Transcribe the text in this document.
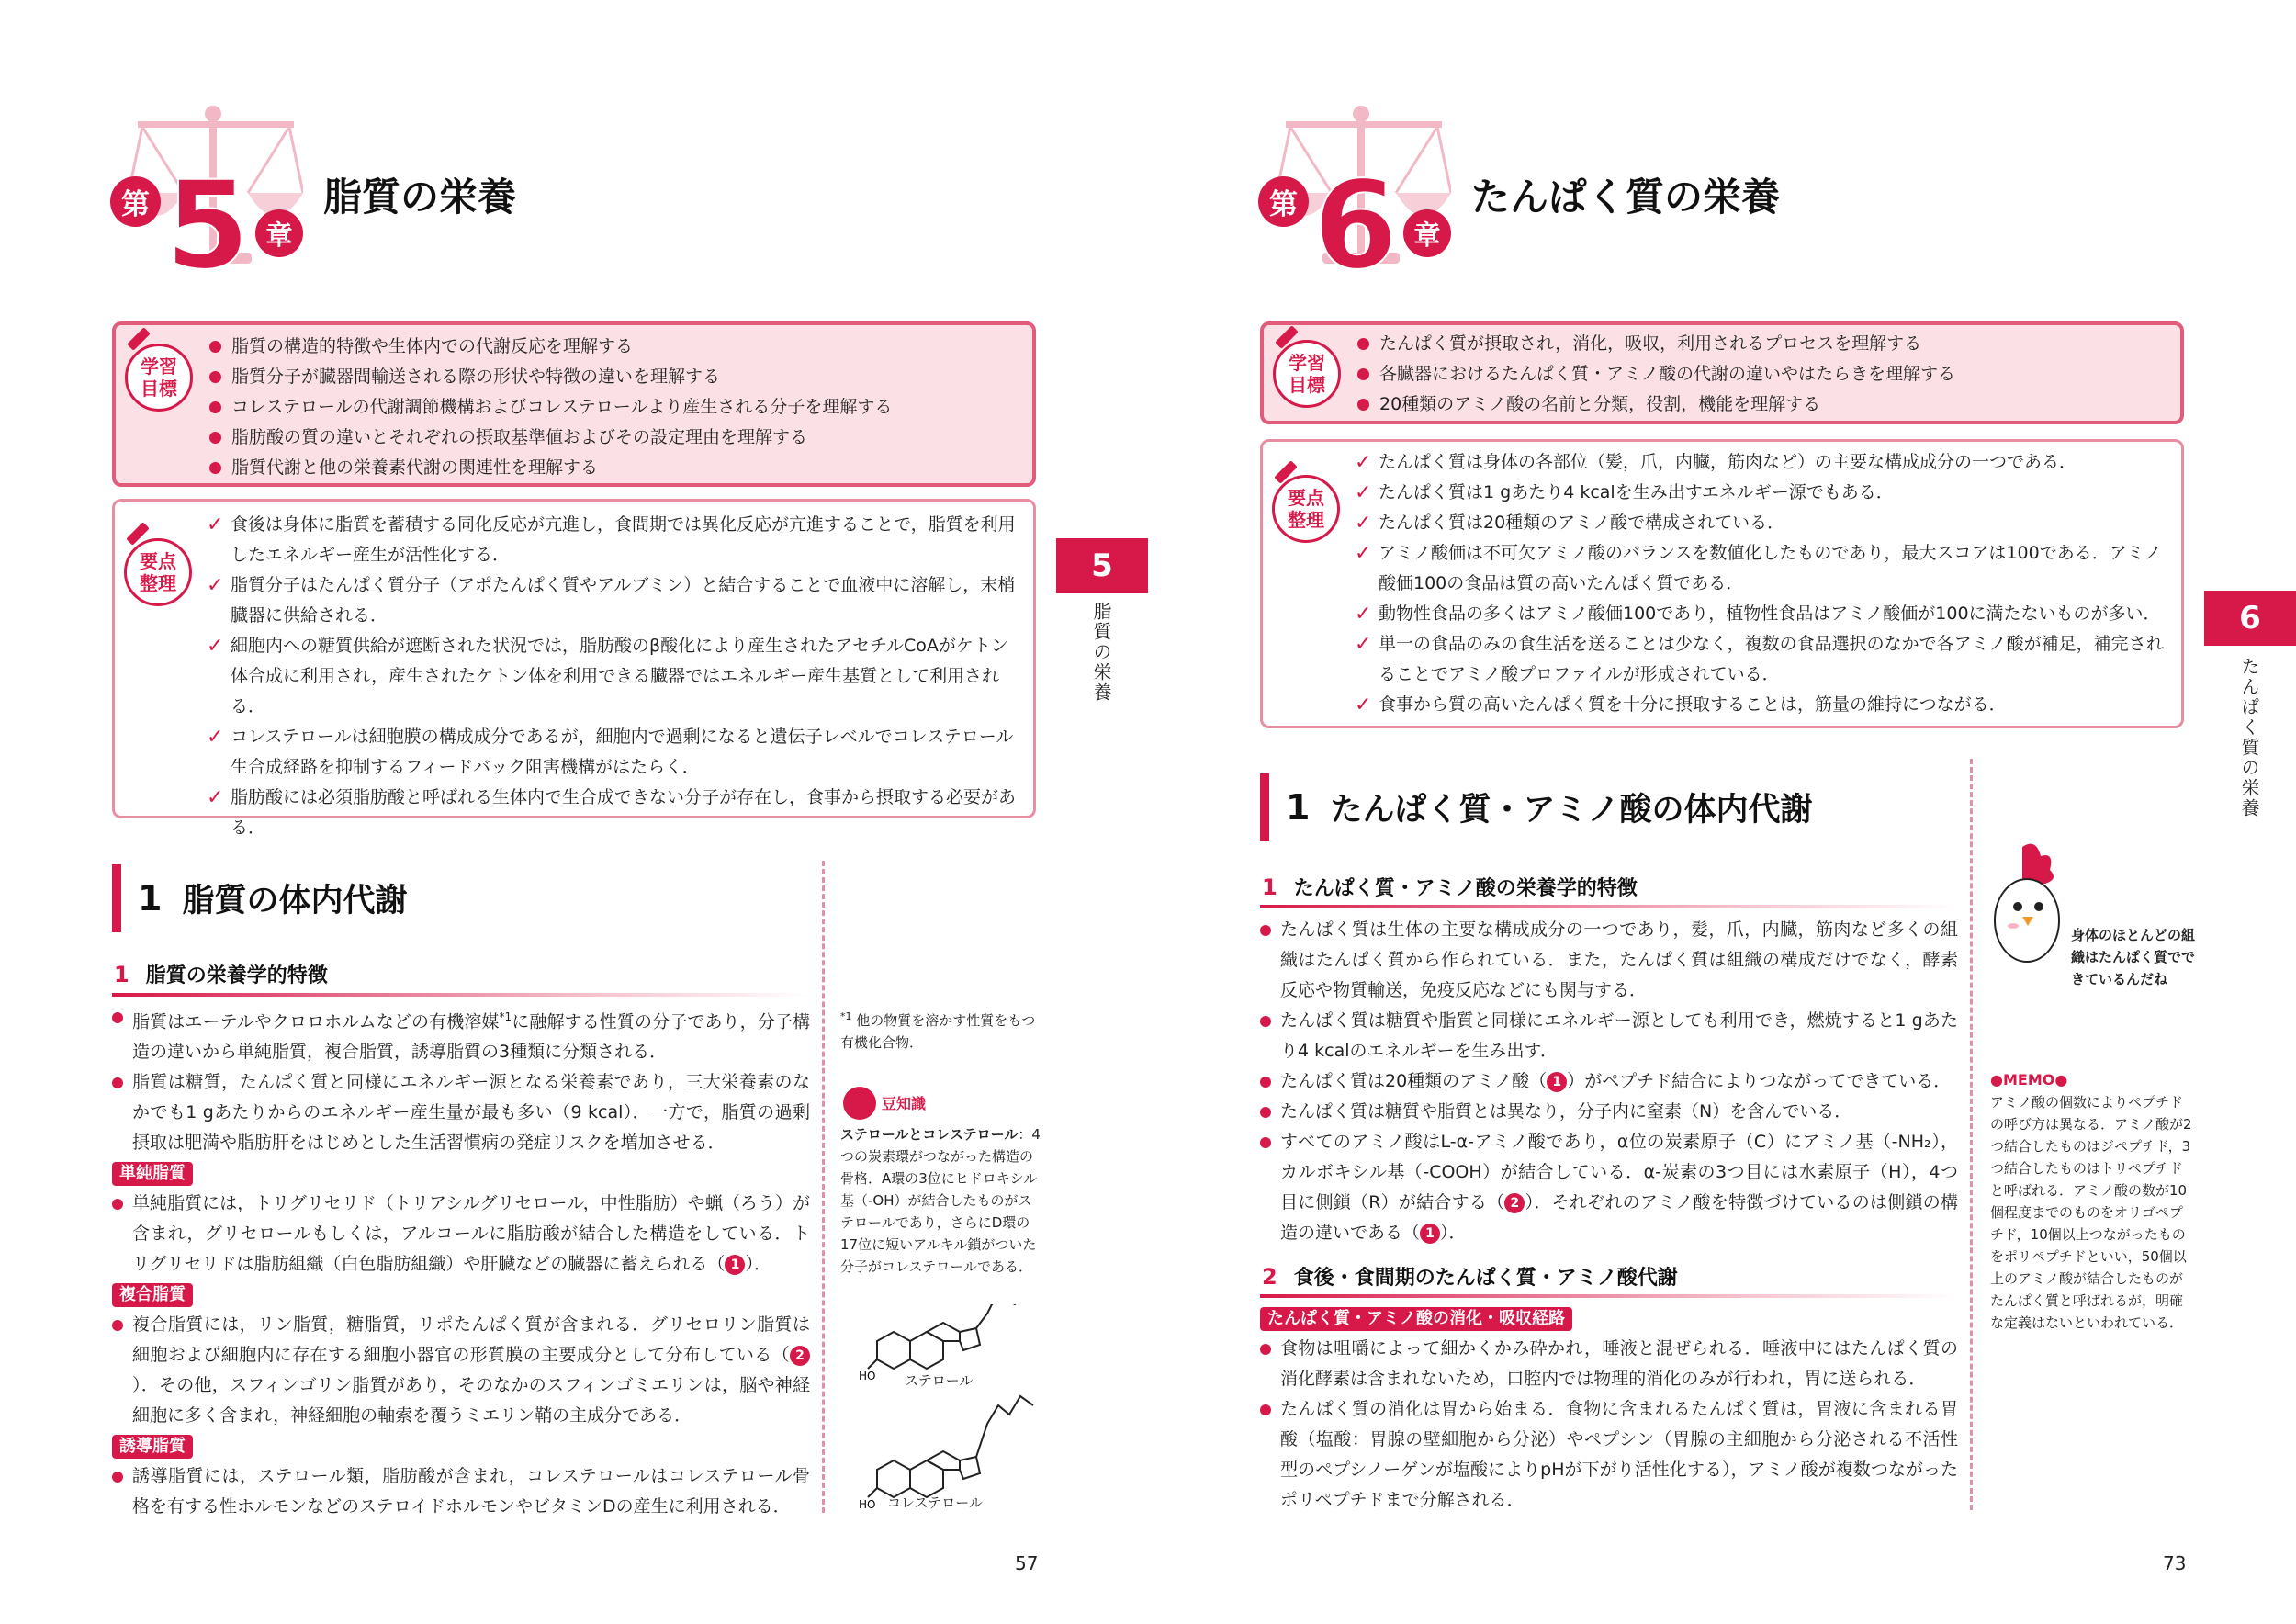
第 5 章
脂質の栄養
学習目標
脂質の構造的特徴や生体内での代謝反応を理解する
脂質分子が臓器間輸送される際の形状や特徴の違いを理解する
コレステロールの代謝調節機構およびコレステロールより産生される分子を理解する
脂肪酸の質の違いとそれぞれの摂取基準値およびその設定理由を理解する
脂質代謝と他の栄養素代謝の関連性を理解する
要点整理
✓ 食後は身体に脂質を蓄積する同化反応が亢進し，食間期では異化反応が亢進することで，脂質を利用したエネルギー産生が活性化する．
✓ 脂質分子はたんぱく質分子（アポたんぱく質やアルブミン）と結合することで血液中に溶解し，末梢臓器に供給される．
✓ 細胞内への糖質供給が遮断された状況では，脂肪酸のβ酸化により産生されたアセチルCoAがケトン体合成に利用され，産生されたケトン体を利用できる臓器ではエネルギー産生基質として利用される．
✓ コレステロールは細胞膜の構成成分であるが，細胞内で過剰になると遺伝子レベルでコレステロール生合成経路を抑制するフィードバック阻害機構がはたらく．
✓ 脂肪酸には必須脂肪酸と呼ばれる生体内で生合成できない分子が存在し，食事から摂取する必要がある．
1 脂質の体内代謝
1 脂質の栄養学的特徴

脂質はエーテルやクロロホルムなどの有機溶媒$^{*1}$に融解する性質の分子であり，分子構造の違いから単純脂質，複合脂質，誘導脂質の3種類に分類される．

脂質は糖質，たんぱく質と同様にエネルギー源となる栄養素であり，三大栄養素のなかでも1 gあたりからのエネルギー産生量が最も多い（9 kcal）．一方で，脂質の過剰摂取は肥満や脂肪肝をはじめとした生活習慣病の発症リスクを増加させる．

単純脂質

単純脂質には，トリグリセリド（トリアシルグリセロール，中性脂肪）や蝋（ろう）が含まれ，グリセロールもしくは，アルコールに脂肪酸が結合した構造をしている．トリグリセリドは脂肪組織（白色脂肪組織）や肝臓などの臓器に蓄えられる（ 1 ）．

複合脂質

複合脂質には，リン脂質，糖脂質，リポたんぱく質が含まれる．グリセロリン脂質は細胞および細胞内に存在する細胞小器官の形質膜の主要成分として分布している（ 2）．その他，スフィンゴリン脂質があり，そのなかのスフィンゴミエリンは，脳や神経細胞に多く含まれ，神経細胞の軸索を覆うミエリン鞘の主成分である．

誘導脂質

誘導脂質には，ステロール類，脂肪酸が含まれ，コレステロールはコレステロール骨格を有する性ホルモンなどのステロイドホルモンやビタミンDの産生に利用される．

$^{*1}$ 他の物質を溶かす性質をもつ有機化合物．
豆知識
ステロールとコレステロール：4つの炭素環がつながった構造の骨格．A環の3位にヒドロキシル基（-OH）が結合したものがステロールであり，さらにD環の17位に短いアルキル鎖がついた分子がコレステロールである．
HO
HO
ステロール
コレステロール
5
脂質の栄養
57
第 6 章
たんぱく質の栄養
学習目標
たんぱく質が摂取され，消化，吸収，利用されるプロセスを理解する
各臓器におけるたんぱく質・アミノ酸の代謝の違いやはたらきを理解する
20種類のアミノ酸の名前と分類，役割，機能を理解する
要点整理
✓ たんぱく質は身体の各部位（髪，爪，内臓，筋肉など）の主要な構成成分の一つである．
✓ たんぱく質は1 gあたり4 kcalを生み出すエネルギー源でもある．
✓ たんぱく質は20種類のアミノ酸で構成されている．
✓ アミノ酸価は不可欠アミノ酸のバランスを数値化したものであり，最大スコアは100である．アミノ酸価100の食品は質の高いたんぱく質である．
✓ 動物性食品の多くはアミノ酸価100であり，植物性食品はアミノ酸価が100に満たないものが多い．
✓ 単一の食品のみの食生活を送ることは少なく，複数の食品選択のなかで各アミノ酸が補足，補完されることでアミノ酸プロファイルが形成されている．
✓ 食事から質の高いたんぱく質を十分に摂取することは，筋量の維持につながる．
1 たんぱく質・アミノ酸の体内代謝
1 たんぱく質・アミノ酸の栄養学的特徴

たんぱく質は生体の主要な構成成分の一つであり，髪，爪，内臓，筋肉など多くの組織はたんぱく質から作られている．また，たんぱく質は組織の構成だけでなく，酵素反応や物質輸送，免疫反応などにも関与する．

たんぱく質は糖質や脂質と同様にエネルギー源としても利用でき，燃焼すると1 gあたり4 kcalのエネルギーを生み出す．

たんぱく質は20種類のアミノ酸（ 1 ）がペプチド結合によりつながってできている．

たんぱく質は糖質や脂質とは異なり，分子内に窒素（N）を含んでいる．

すべてのアミノ酸はL-α-アミノ酸であり，α位の炭素原子（C）にアミノ基（-NH₂），カルボキシル基（-COOH）が結合している．α-炭素の3つ目には水素原子（H），4つ目に側鎖（R）が結合する（ 2 ）．それぞれのアミノ酸を特徴づけているのは側鎖の構造の違いである（ 1 ）．

2 食後・食間期のたんぱく質・アミノ酸代謝
たんぱく質・アミノ酸の消化・吸収経路

食物は咀嚼によって細かくかみ砕かれ，唾液と混ぜられる．唾液中にはたんぱく質の消化酵素は含まれないため，口腔内では物理的消化のみが行われ，胃に送られる．

たんぱく質の消化は胃から始まる．食物に含まれるたんぱく質は，胃液に含まれる胃酸（塩酸：胃腺の壁細胞から分泌）やペプシン（胃腺の主細胞から分泌される不活性型のペプシノーゲンが塩酸によりpHが下がり活性化する），アミノ酸が複数つながったポリペプチドまで分解される．

身体のほとんどの組織はたんぱく質でできているんだね
●MEMO●
アミノ酸の個数によりペプチドの呼び方は異なる．アミノ酸が2つ結合したものはジペプチド，3つ結合したものはトリペプチドと呼ばれる．アミノ酸の数が10個程度までのものをオリゴペプチド，10個以上つながったものをポリペプチドといい，50個以上のアミノ酸が結合したものがたんぱく質と呼ばれるが，明確な定義はないといわれている．
6
たんぱく質の栄養
73
